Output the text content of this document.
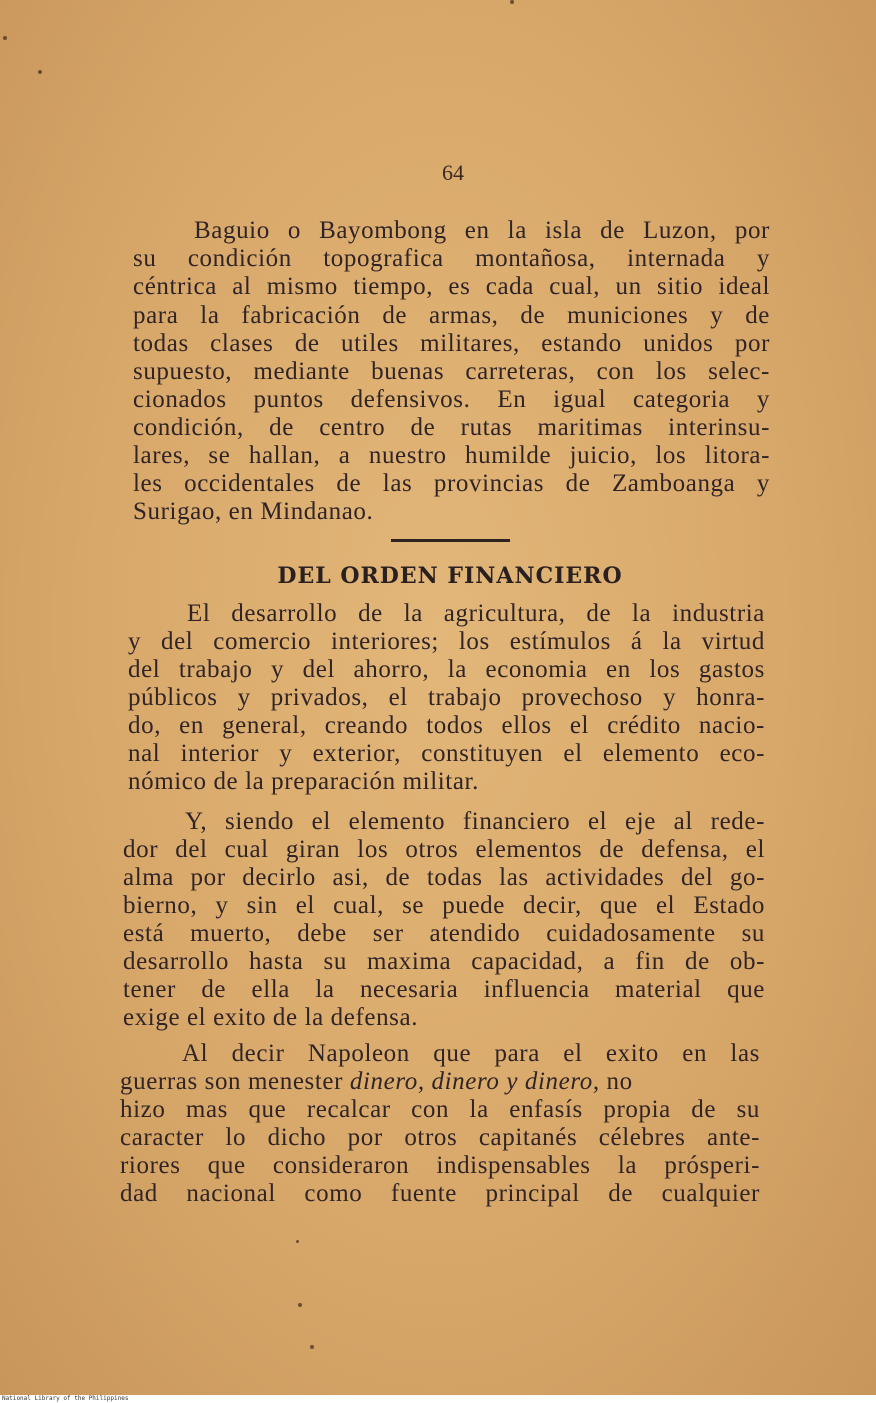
64
Baguio o Bayombong en la isla de Luzon, por
su condición topografica montañosa, internada y
céntrica al mismo tiempo, es cada cual, un sitio ideal
para la fabricación de armas, de municiones y de
todas clases de utiles militares, estando unidos por
supuesto, mediante buenas carreteras, con los selec-
cionados puntos defensivos. En igual categoria y
condición, de centro de rutas maritimas interinsu-
lares, se hallan, a nuestro humilde juicio, los litora-
les occidentales de las provincias de Zamboanga y
Surigao, en Mindanao.
DEL ORDEN FINANCIERO
El desarrollo de la agricultura, de la industria
y del comercio interiores; los estímulos á la virtud
del trabajo y del ahorro, la economia en los gastos
públicos y privados, el trabajo provechoso y honra-
do, en general, creando todos ellos el crédito nacio-
nal interior y exterior, constituyen el elemento eco-
nómico de la preparación militar.
Y, siendo el elemento financiero el eje al rede-
dor del cual giran los otros elementos de defensa, el
alma por decirlo asi, de todas las actividades del go-
bierno, y sin el cual, se puede decir, que el Estado
está muerto, debe ser atendido cuidadosamente su
desarrollo hasta su maxima capacidad, a fin de ob-
tener de ella la necesaria influencia material que
exige el exito de la defensa.
Al decir Napoleon que para el exito en las
guerras son menester dinero, dinero y dinero, no
hizo mas que recalcar con la enfasís propia de su
caracter lo dicho por otros capitanés célebres ante-
riores que consideraron indispensables la prósperi-
dad nacional como fuente principal de cualquier
National Library of the Philippines
